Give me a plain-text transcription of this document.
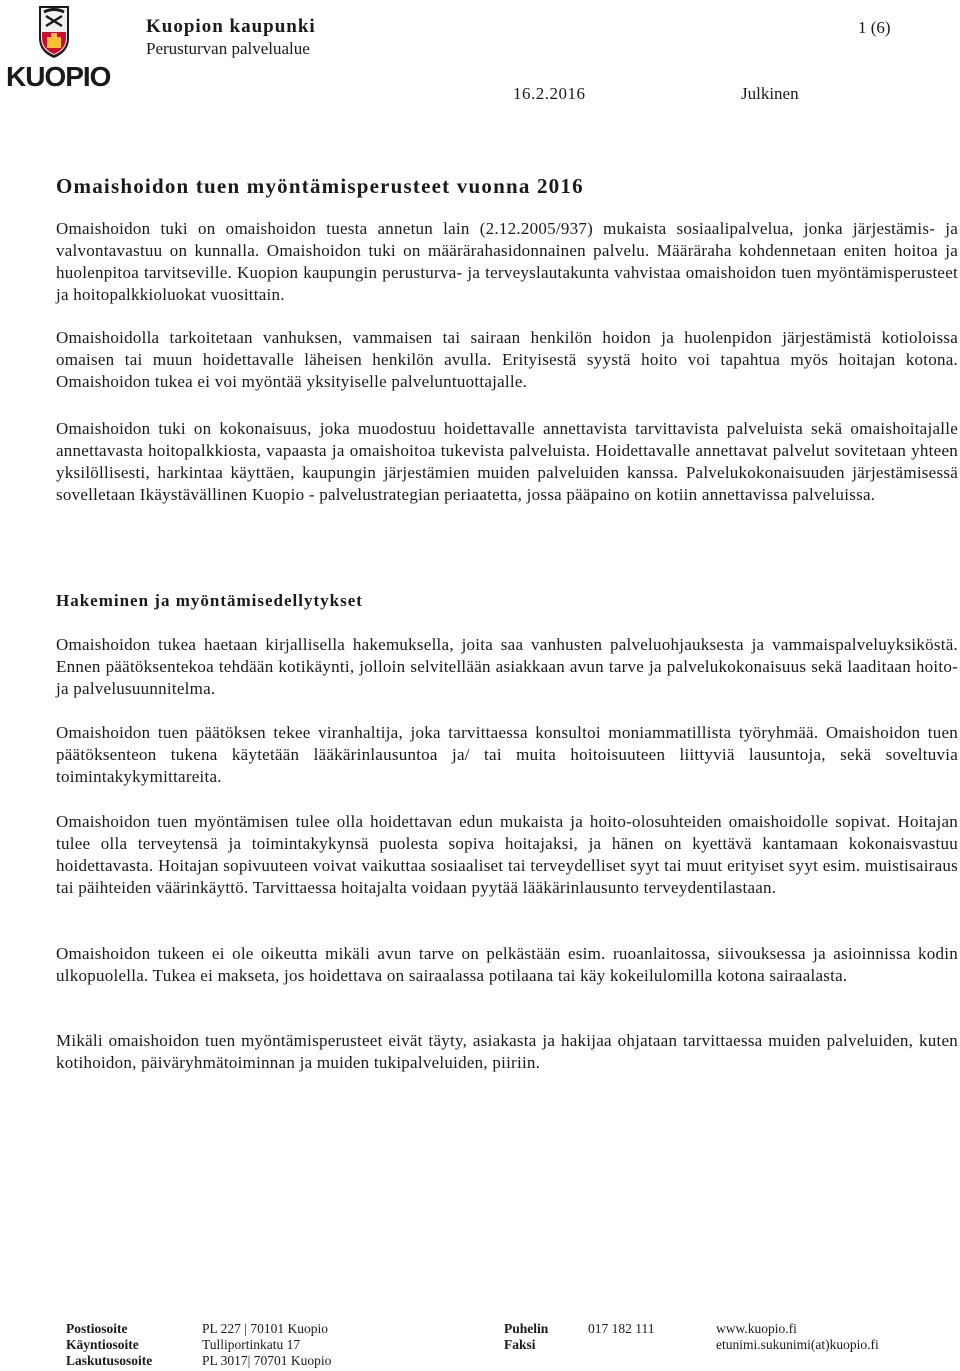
KUOPIO
Kuopion kaupunki
Perusturvan palvelualue
1 (6)
16.2.2016	Julkinen
Omaishoidon tuen myöntämisperusteet vuonna 2016

Omaishoidon tuki on omaishoidon tuesta annetun lain (2.12.2005/937) mukaista sosiaalipalvelua, jonka järjestämis- ja valvontavastuu on kunnalla. Omaishoidon tuki on määrärahasidonnainen palvelu. Määräraha kohdennetaan eniten hoitoa ja huolenpitoa tarvitseville. Kuopion kaupungin perusturva- ja terveyslautakunta vahvistaa omaishoidon tuen myöntämisperusteet ja hoitopalkkioluokat vuosittain.

Omaishoidolla tarkoitetaan vanhuksen, vammaisen tai sairaan henkilön hoidon ja huolenpidon järjestämistä kotioloissa omaisen tai muun hoidettavalle läheisen henkilön avulla. Erityisestä syystä hoito voi tapahtua myös hoitajan kotona. Omaishoidon tukea ei voi myöntää yksityiselle palveluntuottajalle.

Omaishoidon tuki on kokonaisuus, joka muodostuu hoidettavalle annettavista tarvittavista palveluista sekä omaishoitajalle annettavasta hoitopalkkiosta, vapaasta ja omaishoitoa tukevista palveluista. Hoidettavalle annettavat palvelut sovitetaan yhteen yksilöllisesti, harkintaa käyttäen, kaupungin järjestämien muiden palveluiden kanssa. Palvelukokonaisuuden järjestämisessä sovelletaan Ikäystävällinen Kuopio - palvelustrategian periaatetta, jossa pääpaino on kotiin annettavissa palveluissa.

Hakeminen ja myöntämisedellytykset

Omaishoidon tukea haetaan kirjallisella hakemuksella, joita saa vanhusten palveluohjauksesta ja vammaispalveluyksiköstä. Ennen päätöksentekoa tehdään kotikäynti, jolloin selvitellään asiakkaan avun tarve ja palvelukokonaisuus sekä laaditaan hoito- ja palvelusuunnitelma.

Omaishoidon tuen päätöksen tekee viranhaltija, joka tarvittaessa konsultoi moniammatillista työryhmää. Omaishoidon tuen päätöksenteon tukena käytetään lääkärinlausuntoa ja/ tai muita hoitoisuuteen liittyviä lausuntoja, sekä soveltuvia toimintakykymittareita.

Omaishoidon tuen myöntämisen tulee olla hoidettavan edun mukaista ja hoito-olosuhteiden omaishoidolle sopivat. Hoitajan tulee olla terveytensä ja toimintakykynsä puolesta sopiva hoitajaksi, ja hänen on kyettävä kantamaan kokonaisvastuu hoidettavasta. Hoitajan sopivuuteen voivat vaikuttaa sosiaaliset tai terveydelliset syyt tai muut erityiset syyt esim. muistisairaus tai päihteiden väärinkäyttö. Tarvittaessa hoitajalta voidaan pyytää lääkärinlausunto terveydentilastaan.

Omaishoidon tukeen ei ole oikeutta mikäli avun tarve on pelkästään esim. ruoanlaitossa, siivouksessa ja asioinnissa kodin ulkopuolella. Tukea ei makseta, jos hoidettava on sairaalassa potilaana tai käy kokeilulomilla kotona sairaalasta.

Mikäli omaishoidon tuen myöntämisperusteet eivät täyty, asiakasta ja hakijaa ohjataan tarvittaessa muiden palveluiden, kuten kotihoidon, päiväryhmätoiminnan ja muiden tukipalveluiden, piiriin.

Postiosoite	PL 227 | 70101 Kuopio	Puhelin	017 182 111	www.kuopio.fi
Käyntiosoite	Tulliportinkatu 17	Faksi	etunimi.sukunimi(at)kuopio.fi
Laskutusosoite	PL 3017| 70701 Kuopio
